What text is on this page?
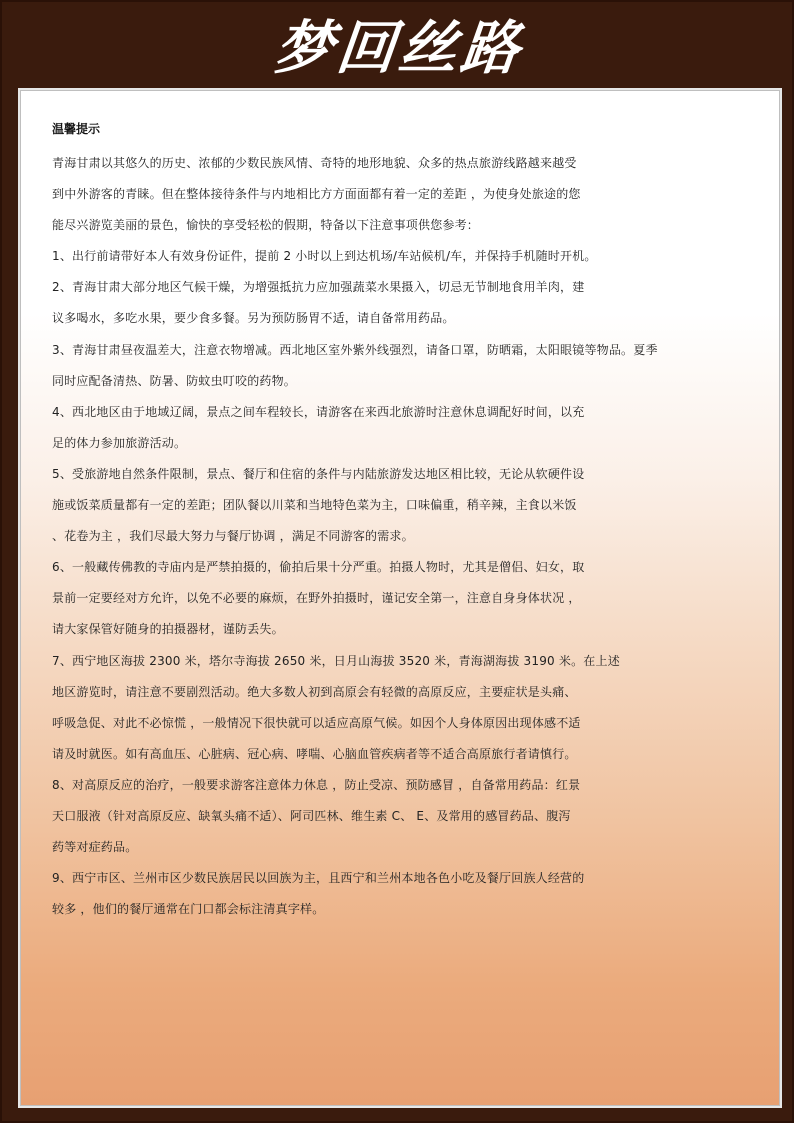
梦回丝路
温馨提示
青海甘肃以其悠久的历史、浓郁的少数民族风情、奇特的地形地貌、众多的热点旅游线路越来越受
到中外游客的青睐。但在整体接待条件与内地相比方方面面都有着一定的差距 ，为使身处旅途的您
能尽兴游览美丽的景色，愉快的享受轻松的假期，特备以下注意事项供您参考：
1、出行前请带好本人有效身份证件，提前 2 小时以上到达机场/车站候机/车，并保持手机随时开机。
2、青海甘肃大部分地区气候干燥，为增强抵抗力应加强蔬菜水果摄入，切忌无节制地食用羊肉，建
议多喝水，多吃水果，要少食多餐。另为预防肠胃不适，请自备常用药品。
3、青海甘肃昼夜温差大，注意衣物增减。西北地区室外紫外线强烈，请备口罩，防晒霜，太阳眼镜等物品。夏季
同时应配备清热、防暑、防蚊虫叮咬的药物。
4、西北地区由于地域辽阔，景点之间车程较长，请游客在来西北旅游时注意休息调配好时间，以充
足的体力参加旅游活动。
5、受旅游地自然条件限制，景点、餐厅和住宿的条件与内陆旅游发达地区相比较，无论从软硬件设
施或饭菜质量都有一定的差距；团队餐以川菜和当地特色菜为主，口味偏重，稍辛辣，主食以米饭
、花卷为主 ，我们尽最大努力与餐厅协调 ，满足不同游客的需求。
6、一般藏传佛教的寺庙内是严禁拍摄的，偷拍后果十分严重。拍摄人物时，尤其是僧侣、妇女，取
景前一定要经对方允许，以免不必要的麻烦，在野外拍摄时，谨记安全第一，注意自身身体状况 ，
请大家保管好随身的拍摄器材，谨防丢失。
7、西宁地区海拔 2300 米，塔尔寺海拔 2650 米，日月山海拔 3520 米，青海湖海拔 3190 米。在上述
地区游览时，请注意不要剧烈活动。绝大多数人初到高原会有轻微的高原反应，主要症状是头痛、
呼吸急促、对此不必惊慌 ，一般情况下很快就可以适应高原气候。如因个人身体原因出现体感不适
请及时就医。如有高血压、心脏病、冠心病、哮喘、心脑血管疾病者等不适合高原旅行者请慎行。
8、对高原反应的治疗，一般要求游客注意体力休息 ，防止受凉、预防感冒 ，自备常用药品：红景
天口服液（针对高原反应、缺氧头痛不适）、阿司匹林、维生素 C、 E、及常用的感冒药品、腹泻
药等对症药品。
9、西宁市区、兰州市区少数民族居民以回族为主，且西宁和兰州本地各色小吃及餐厅回族人经营的
较多 ，他们的餐厅通常在门口都会标注清真字样。
